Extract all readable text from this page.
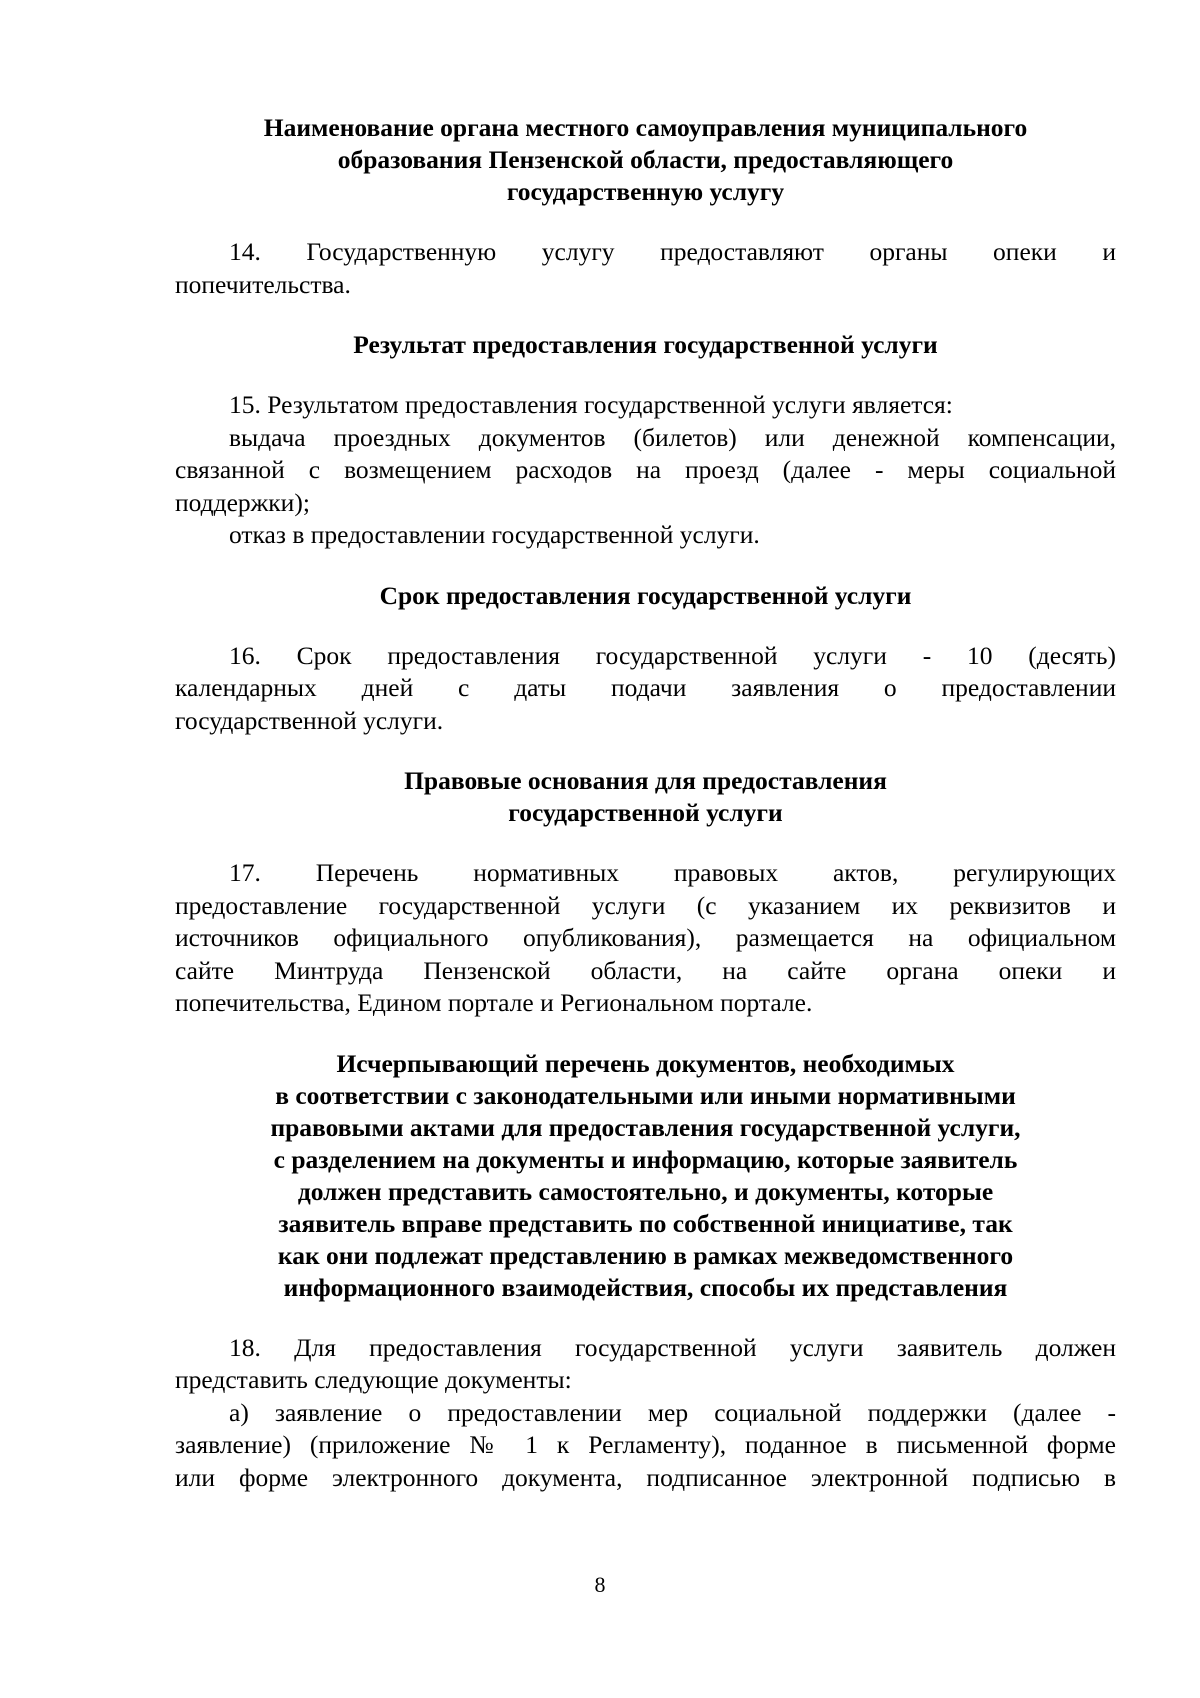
Наименование органа местного самоуправления муниципального
образования Пензенской области, предоставляющего
государственную услугу
14. Государственную услугу предоставляют органы опеки и
попечительства.
Результат предоставления государственной услуги
15. Результатом предоставления государственной услуги является:
выдача проездных документов (билетов) или денежной компенсации,
связанной с возмещением расходов на проезд (далее - меры социальной
поддержки);
отказ в предоставлении государственной услуги.
Срок предоставления государственной услуги
16. Срок предоставления государственной услуги - 10 (десять)
календарных дней с даты подачи заявления о предоставлении
государственной услуги.
Правовые основания для предоставления
государственной услуги
17. Перечень нормативных правовых актов, регулирующих
предоставление государственной услуги (с указанием их реквизитов и
источников официального опубликования), размещается на официальном
сайте Минтруда Пензенской области, на сайте органа опеки и
попечительства, Едином портале и Региональном портале.
Исчерпывающий перечень документов, необходимых
в соответствии с законодательными или иными нормативными
правовыми актами для предоставления государственной услуги,
с разделением на документы и информацию, которые заявитель
должен представить самостоятельно, и документы, которые
заявитель вправе представить по собственной инициативе, так
как они подлежат представлению в рамках межведомственного
информационного взаимодействия, способы их представления
18. Для предоставления государственной услуги заявитель должен
представить следующие документы:
а) заявление о предоставлении мер социальной поддержки (далее -
заявление) (приложение № 1 к Регламенту), поданное в письменной форме
или форме электронного документа, подписанное электронной подписью в
8
